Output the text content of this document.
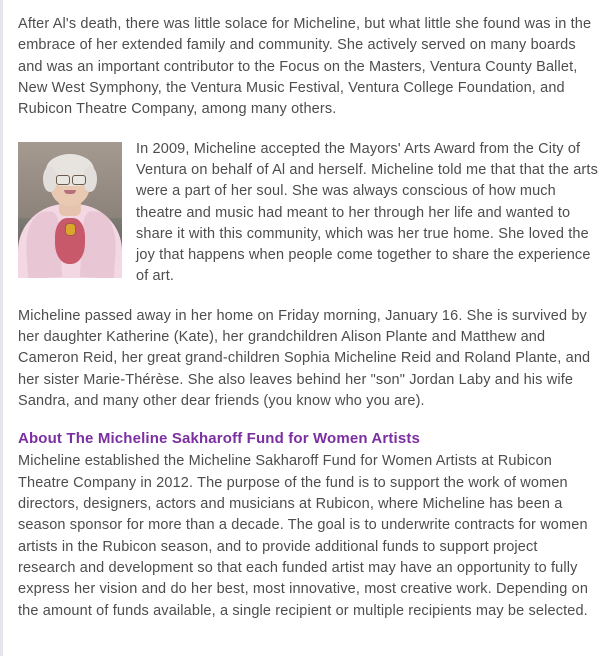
After Al's death, there was little solace for Micheline, but what little she found was in the embrace of her extended family and community. She actively served on many boards and was an important contributor to the Focus on the Masters, Ventura County Ballet, New West Symphony, the Ventura Music Festival, Ventura College Foundation, and Rubicon Theatre Company, among many others.

In 2009, Micheline accepted the Mayors' Arts Award from the City of Ventura on behalf of Al and herself. Micheline told me that that the arts were a part of her soul. She was always conscious of how much theatre and music had meant to her through her life and wanted to share it with this community, which was her true home. She loved the joy that happens when people come together to share the experience of art.

Micheline passed away in her home on Friday morning, January 16. She is survived by her daughter Katherine (Kate), her grandchildren Alison Plante and Matthew and Cameron Reid, her great grand-children Sophia Micheline Reid and Roland Plante, and her sister Marie-Thérèse. She also leaves behind her "son" Jordan Laby and his wife Sandra, and many other dear friends (you know who you are).

About The Micheline Sakharoff Fund for Women Artists

Micheline established the Micheline Sakharoff Fund for Women Artists at Rubicon Theatre Company in 2012. The purpose of the fund is to support the work of women directors, designers, actors and musicians at Rubicon, where Micheline has been a season sponsor for more than a decade. The goal is to underwrite contracts for women artists in the Rubicon season, and to provide additional funds to support project research and development so that each funded artist may have an opportunity to fully express her vision and do her best, most innovative, most creative work. Depending on the amount of funds available, a single recipient or multiple recipients may be selected.
